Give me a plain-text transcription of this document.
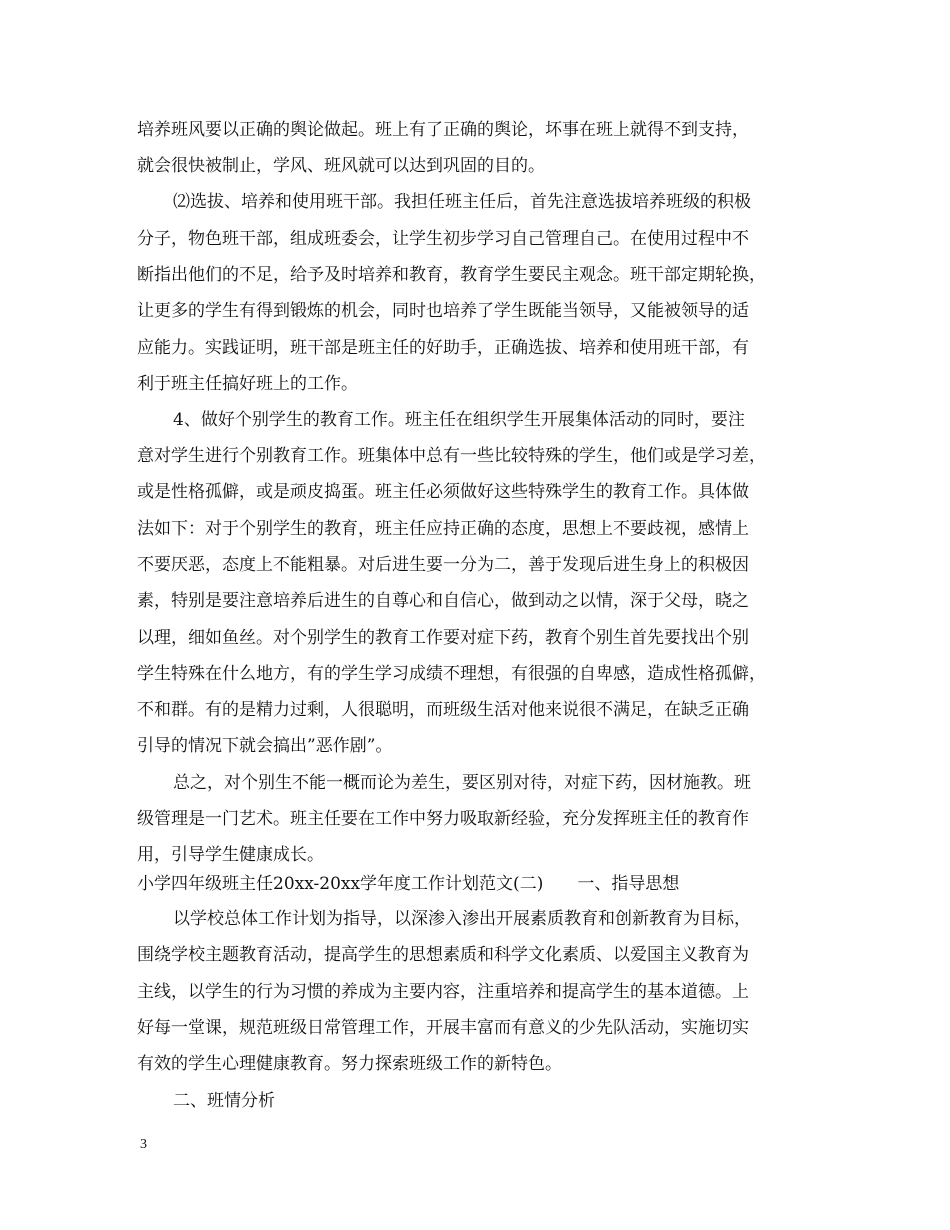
培养班风要以正确的舆论做起。班上有了正确的舆论，坏事在班上就得不到支持，
就会很快被制止，学风、班风就可以达到巩固的目的。
⑵选拔、培养和使用班干部。我担任班主任后，首先注意选拔培养班级的积极
分子，物色班干部，组成班委会，让学生初步学习自己管理自己。在使用过程中不
断指出他们的不足，给予及时培养和教育，教育学生要民主观念。班干部定期轮换，
让更多的学生有得到锻炼的机会，同时也培养了学生既能当领导，又能被领导的适
应能力。实践证明，班干部是班主任的好助手，正确选拔、培养和使用班干部，有
利于班主任搞好班上的工作。
4、做好个别学生的教育工作。班主任在组织学生开展集体活动的同时，要注
意对学生进行个别教育工作。班集体中总有一些比较特殊的学生，他们或是学习差，
或是性格孤僻，或是顽皮捣蛋。班主任必须做好这些特殊学生的教育工作。具体做
法如下：对于个别学生的教育，班主任应持正确的态度，思想上不要歧视，感情上
不要厌恶，态度上不能粗暴。对后进生要一分为二，善于发现后进生身上的积极因
素，特别是要注意培养后进生的自尊心和自信心，做到动之以情，深于父母，晓之
以理，细如鱼丝。对个别学生的教育工作要对症下药，教育个别生首先要找出个别
学生特殊在什么地方，有的学生学习成绩不理想，有很强的自卑感，造成性格孤僻，
不和群。有的是精力过剩，人很聪明，而班级生活对他来说很不满足，在缺乏正确
引导的情况下就会搞出”恶作剧”。
总之，对个别生不能一概而论为差生，要区别对待，对症下药，因材施教。班
级管理是一门艺术。班主任要在工作中努力吸取新经验，充分发挥班主任的教育作
用，引导学生健康成长。
小学四年级班主任20xx-20xx学年度工作计划范文(二)　　一、指导思想
以学校总体工作计划为指导，以深渗入渗出开展素质教育和创新教育为目标，
围绕学校主题教育活动，提高学生的思想素质和科学文化素质、以爱国主义教育为
主线，以学生的行为习惯的养成为主要内容，注重培养和提高学生的基本道德。上
好每一堂课，规范班级日常管理工作，开展丰富而有意义的少先队活动，实施切实
有效的学生心理健康教育。努力探索班级工作的新特色。
二、班情分析
3
